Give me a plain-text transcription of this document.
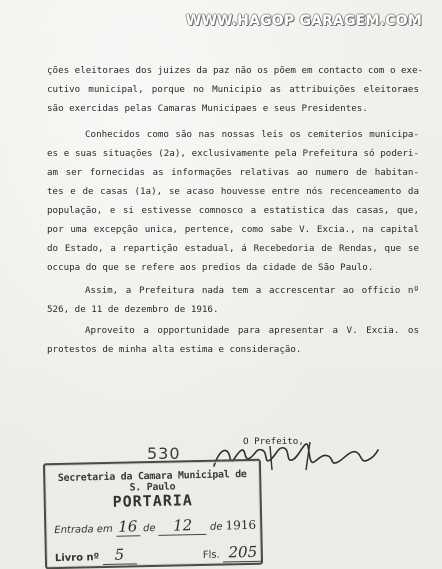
WWW.HAGOP GARAGEM.COM
ções eleitoraes dos juizes da paz não os põem em contacto com o exe-
cutivo municipal, porque no Municipio as attribuições eleitoraes
são exercidas pelas Camaras Municipaes e seus Presidentes.
Conhecidos como são nas nossas leis os cemiterios municipa-
es e suas situações (2a), exclusivamente pela Prefeitura só poderi-
am ser fornecidas as informações relativas ao numero de habitan-
tes e de casas (1a), se acaso houvesse entre nós recenceamento da
população, e si estivesse comnosco a estatistica das casas, que,
por uma excepção unica, pertence, como sabe V. Excia., na capital
do Estado, a repartição estadual, á Recebedoria de Rendas, que se
occupa do que se refere aos predios da cidade de São Paulo.
Assim, a Prefeitura nada tem a accrescentar ao officio nº
526, de 11 de dezembro de 1916.
Aproveito a opportunidade para apresentar a V. Excia. os
protestos de minha alta estima e consideração.
O Prefeito,
530
Secretaria da Camara Municipal de S. Paulo
PORTARIA
Entrada em 16 de 12 de 1916
Livro nº 5	Fls. 205
